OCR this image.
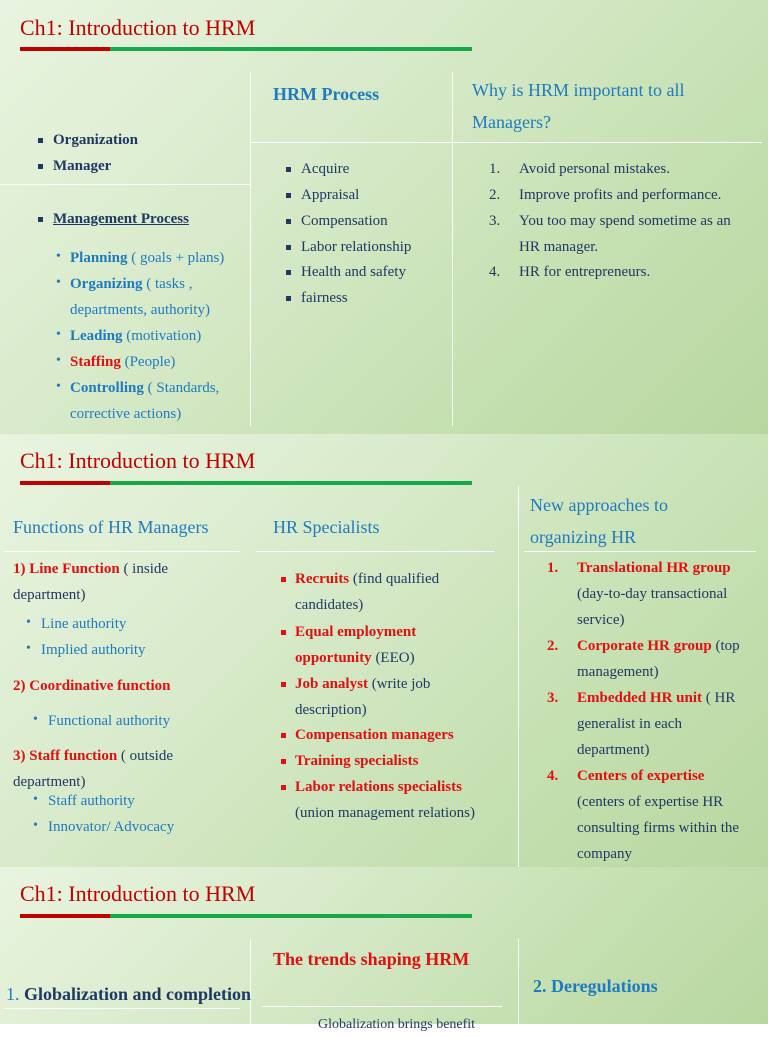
Ch1: Introduction to HRM
Organization
Manager
Management Process
• Planning ( goals + plans)
• Organizing ( tasks ,
departments, authority)
• Leading (motivation)
• Staffing (People)
• Controlling ( Standards,
corrective actions)
HRM Process
Acquire
Appraisal
Compensation
Labor relationship
Health and safety
fairness
Why is HRM important to all
Managers?
1. Avoid personal mistakes.
2. Improve profits and performance.
3. You too may spend sometime as an
HR manager.
4. HR for entrepreneurs.
Ch1: Introduction to HRM
Functions of HR Managers
1) Line Function ( inside
department)
• Line authority
• Implied authority
2) Coordinative function
• Functional authority
3) Staff function ( outside
department)
• Staff authority
• Innovator/ Advocacy
HR Specialists
Recruits (find qualified
candidates)
Equal employment
opportunity (EEO)
Job analyst (write job
description)
Compensation managers
Training specialists
Labor relations specialists
(union management relations)
New approaches to
organizing HR
1. Translational HR group
(day-to-day transactional
service)
2. Corporate HR group (top
management)
3. Embedded HR unit ( HR
generalist in each
department)
4. Centers of expertise
(centers of expertise HR
consulting firms within the
company
Ch1: Introduction to HRM
The trends shaping HRM
1. Globalization and completion	2. Deregulations
Globalization brings benefit
